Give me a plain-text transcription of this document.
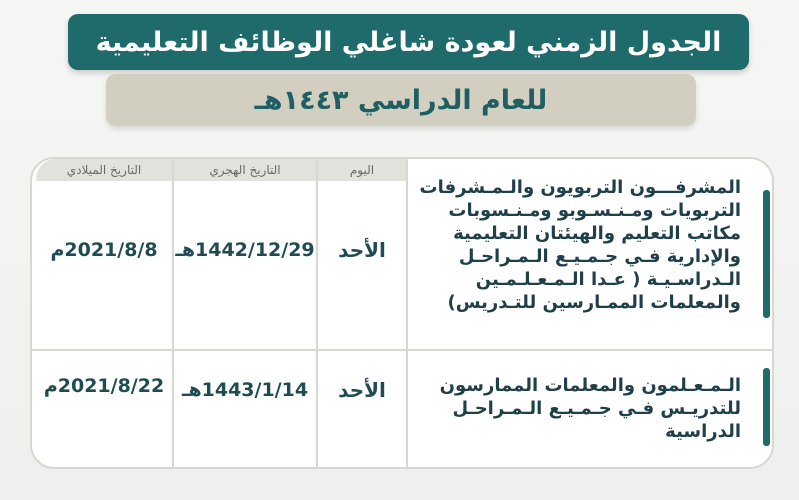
الجدول الزمني لعودة شاغلي الوظائف التعليمية
للعام الدراسي ١٤٤٣هـ
التاريخ الميلادي	التاريخ الهجري	اليوم
المشرفـــون التربويون والـمـشرفات
التربويات ومـنـسـوبو ومـنـسوبات
مكاتب التعليم والهيئتان التعليمية
والإدارية فـي جـمـيـع الـمـراحـل
الـدراسـيـة ( عـدا الـمـعـلـمـين
والمعلمات الممـارسين للتـدريس)
الأحد
1442/12/29هـ
2021/8/8م
الـمـعـلمون والمعلمات الممارسون
للتدريـس فـي جـمـيـع الـمـراحـل
الدراسية
الأحد
1443/1/14هـ
2021/8/22م
